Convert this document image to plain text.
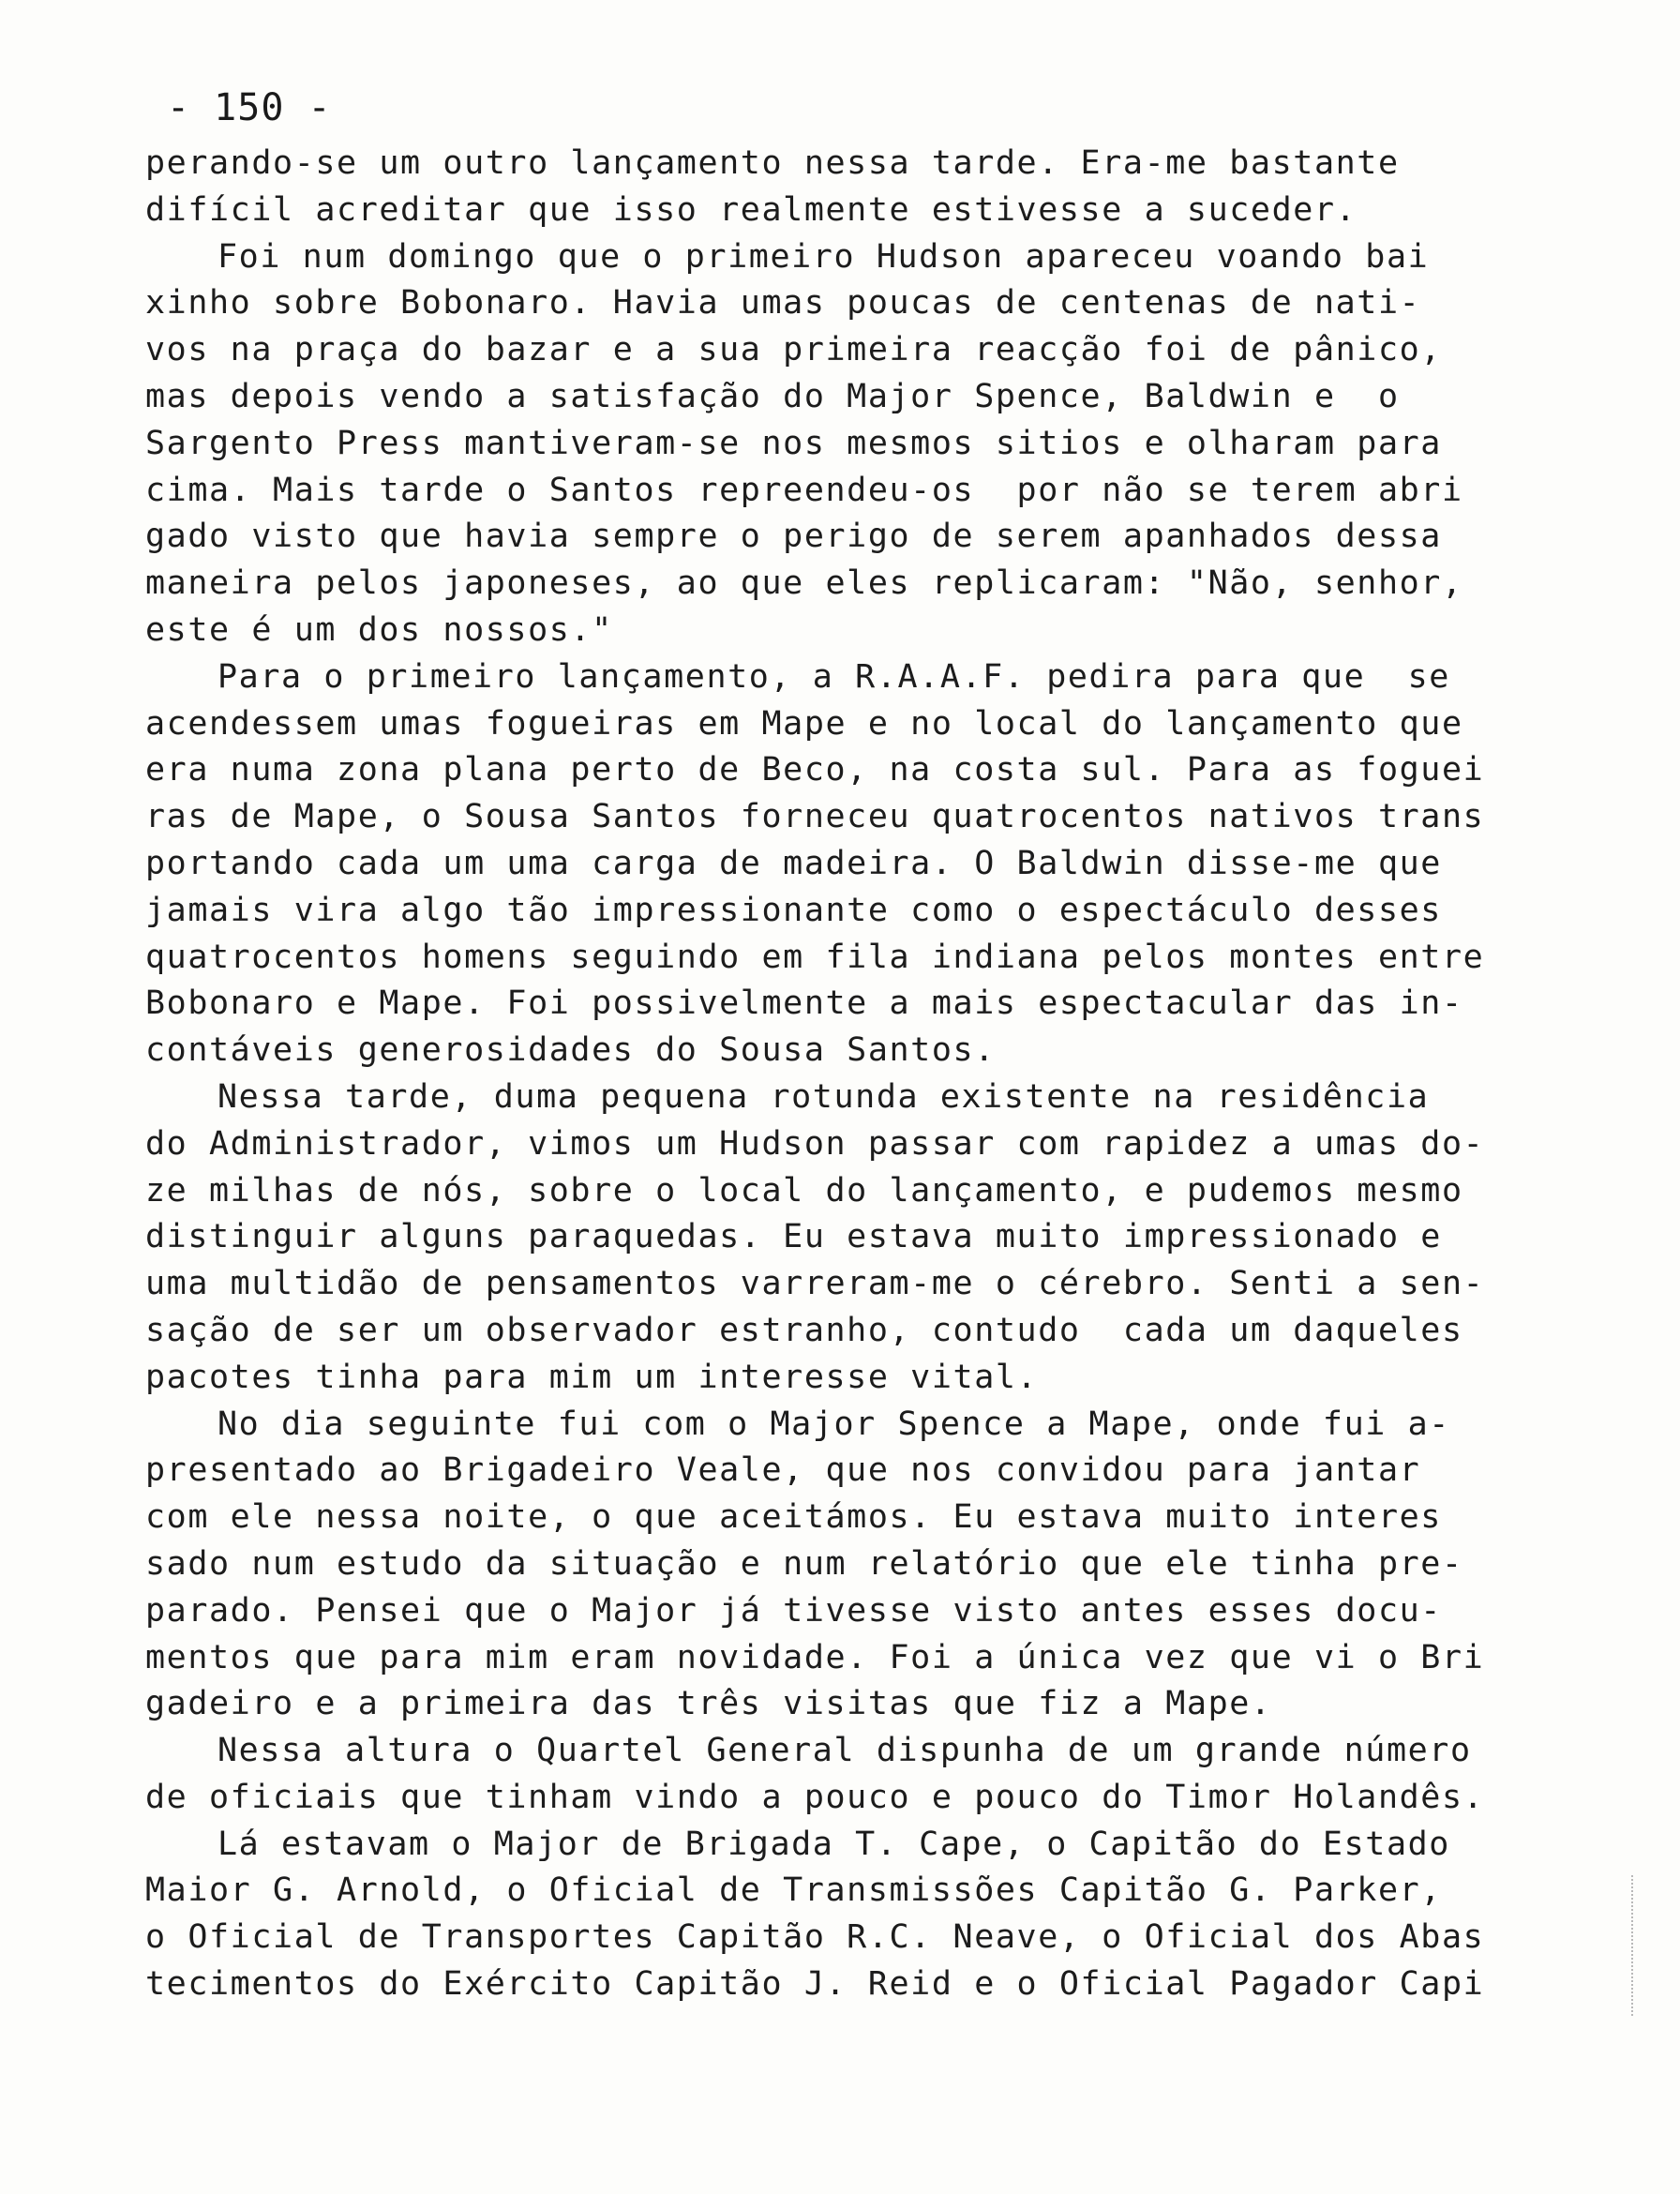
- 150 -
perando-se um outro lançamento nessa tarde. Era-me bastante
difícil acreditar que isso realmente estivesse a suceder.
Foi num domingo que o primeiro Hudson apareceu voando bai
xinho sobre Bobonaro. Havia umas poucas de centenas de nati-
vos na praça do bazar e a sua primeira reacção foi de pânico,
mas depois vendo a satisfação do Major Spence, Baldwin e  o
Sargento Press mantiveram-se nos mesmos sitios e olharam para
cima. Mais tarde o Santos repreendeu-os  por não se terem abri
gado visto que havia sempre o perigo de serem apanhados dessa
maneira pelos japoneses, ao que eles replicaram: "Não, senhor,
este é um dos nossos."
Para o primeiro lançamento, a R.A.A.F. pedira para que  se
acendessem umas fogueiras em Mape e no local do lançamento que
era numa zona plana perto de Beco, na costa sul. Para as foguei
ras de Mape, o Sousa Santos forneceu quatrocentos nativos trans
portando cada um uma carga de madeira. O Baldwin disse-me que
jamais vira algo tão impressionante como o espectáculo desses
quatrocentos homens seguindo em fila indiana pelos montes entre
Bobonaro e Mape. Foi possivelmente a mais espectacular das in-
contáveis generosidades do Sousa Santos.
Nessa tarde, duma pequena rotunda existente na residência
do Administrador, vimos um Hudson passar com rapidez a umas do-
ze milhas de nós, sobre o local do lançamento, e pudemos mesmo
distinguir alguns paraquedas. Eu estava muito impressionado e
uma multidão de pensamentos varreram-me o cérebro. Senti a sen-
sação de ser um observador estranho, contudo  cada um daqueles
pacotes tinha para mim um interesse vital.
No dia seguinte fui com o Major Spence a Mape, onde fui a-
presentado ao Brigadeiro Veale, que nos convidou para jantar
com ele nessa noite, o que aceitámos. Eu estava muito interes
sado num estudo da situação e num relatório que ele tinha pre-
parado. Pensei que o Major já tivesse visto antes esses docu-
mentos que para mim eram novidade. Foi a única vez que vi o Bri
gadeiro e a primeira das três visitas que fiz a Mape.
Nessa altura o Quartel General dispunha de um grande número
de oficiais que tinham vindo a pouco e pouco do Timor Holandês.
Lá estavam o Major de Brigada T. Cape, o Capitão do Estado
Maior G. Arnold, o Oficial de Transmissões Capitão G. Parker,
o Oficial de Transportes Capitão R.C. Neave, o Oficial dos Abas
tecimentos do Exército Capitão J. Reid e o Oficial Pagador Capi
